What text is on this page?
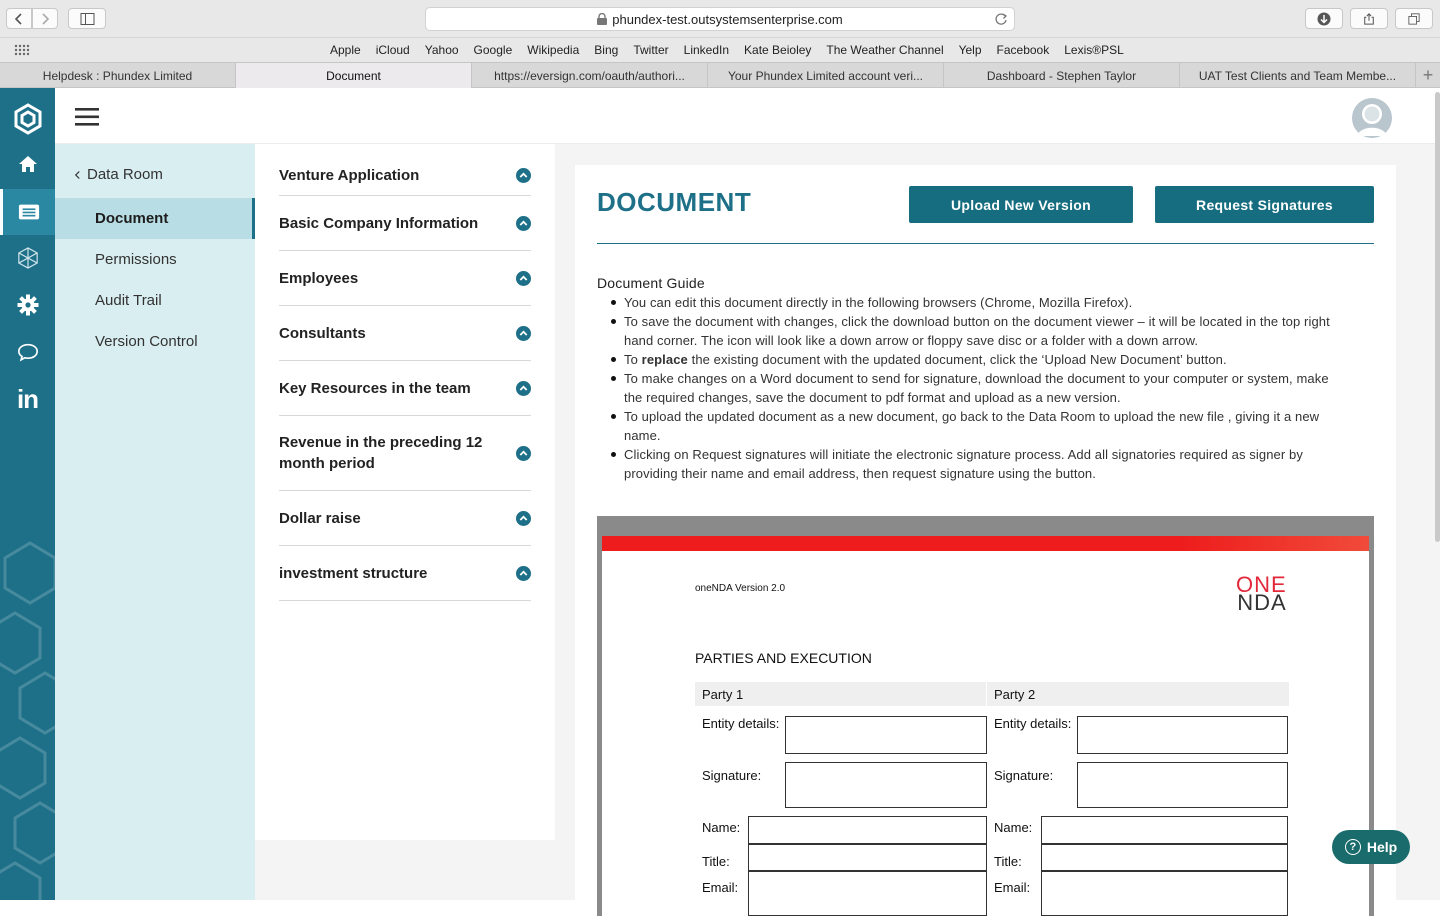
phundex-test.outsystemsenterprise.com
Apple iCloud Yahoo Google Wikipedia Bing Twitter LinkedIn Kate Beioley The Weather Channel Yelp Facebook Lexis®PSL
Helpdesk : Phundex Limited	Document	https://eversign.com/oauth/authori...	Your Phundex Limited account veri...	Dashboard - Stephen Taylor	UAT Test Clients and Team Membe...	+
in
Data Room
Document
Permissions
Audit Trail
Version Control
Venture Application
Basic Company Information
Employees
Consultants
Key Resources in the team
Revenue in the preceding 12 month period
Dollar raise
investment structure
DOCUMENT	Upload New Version	Request Signatures
Document Guide
You can edit this document directly in the following browsers (Chrome, Mozilla Firefox).
To save the document with changes, click the download button on the document viewer – it will be located in the top right hand corner. The icon will look like a down arrow or floppy save disc or a folder with a down arrow.
To replace the existing document with the updated document, click the ‘Upload New Document’ button.
To make changes on a Word document to send for signature, download the document to your computer or system, make the required changes, save the document to pdf format and upload as a new version.
To upload the updated document as a new document, go back to the Data Room to upload the new file , giving it a new name.
Clicking on Request signatures will initiate the electronic signature process. Add all signatories required as signer by providing their name and email address, then request signature using the button.
oneNDA Version 2.0	ONE
NDA
PARTIES AND EXECUTION
Party 1	Party 2
Entity details:	Entity details:
Signature:	Signature:
Name:	Name:
Title:	Title:
Email:	Email:
? Help
